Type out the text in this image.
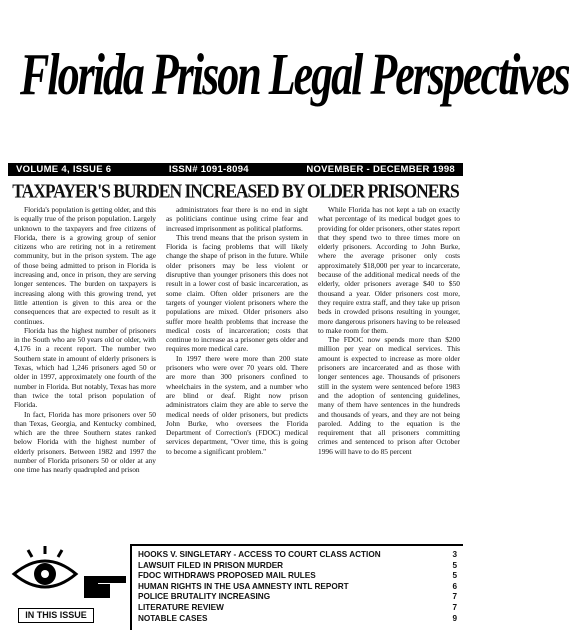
Florida Prison Legal Perspectives
VOLUME 4, ISSUE 6	ISSN# 1091-8094	NOVEMBER - DECEMBER 1998
TAXPAYER'S BURDEN INCREASED BY OLDER PRISONERS

Florida's population is getting older, and this is equally true of the prison population. Largely unknown to the taxpayers and free citizens of Florida, there is a growing group of senior citizens who are retiring not in a retirement community, but in the prison system. The age of those being admitted to prison in Florida is increasing and, once in prison, they are serving longer sentences. The burden on taxpayers is increasing along with this growing trend, yet little attention is given to this area or the consequences that are expected to result as it continues.

Florida has the highest number of prisoners in the South who are 50 years old or older, with 4,176 in a recent report. The number two Southern state in amount of elderly prisoners is Texas, which had 1,246 prisoners aged 50 or older in 1997, approximately one fourth of the number in Florida. But notably, Texas has more than twice the total prison population of Florida.

In fact, Florida has more prisoners over 50 than Texas, Georgia, and Kentucky combined, which are the three Southern states ranked below Florida with the highest number of elderly prisoners. Between 1982 and 1997 the number of Florida prisoners 50 or older at any one time has nearly quadrupled and prison

administrators fear there is no end in sight as politicians continue using crime fear and increased imprisonment as political platforms.

This trend means that the prison system in Florida is facing problems that will likely change the shape of prison in the future. While older prisoners may be less violent or disruptive than younger prisoners this does not result in a lower cost of basic incarceration, as some claim. Often older prisoners are the targets of younger violent prisoners where the populations are mixed. Older prisoners also suffer more health problems that increase the medical costs of incarceration; costs that continue to increase as a prisoner gets older and requires more medical care.

In 1997 there were more than 200 state prisoners who were over 70 years old. There are more than 300 prisoners confined to wheelchairs in the system, and a number who are blind or deaf. Right now prison administrators claim they are able to serve the medical needs of older prisoners, but predicts John Burke, who oversees the Florida Department of Correction's (FDOC) medical services department, "Over time, this is going to become a significant problem."

While Florida has not kept a tab on exactly what percentage of its medical budget goes to providing for older prisoners, other states report that they spend two to three times more on elderly prisoners. According to John Burke, where the average prisoner only costs approximately $18,000 per year to incarcerate, because of the additional medical needs of the elderly, older prisoners average $40 to $50 thousand a year. Older prisoners cost more, they require extra staff, and they take up prison beds in crowded prisons resulting in younger, more dangerous prisoners having to be released to make room for them.

The FDOC now spends more than $200 million per year on medical services. This amount is expected to increase as more older prisoners are incarcerated and as those with longer sentences age. Thousands of prisoners still in the system were sentenced before 1983 and the adoption of sentencing guidelines, many of them have sentences in the hundreds and thousands of years, and they are not being paroled. Adding to the equation is the requirement that all prisoners committing crimes and sentenced to prison after October 1996 will have to do 85 percent

IN THIS ISSUE
HOOKS V. SINGLETARY - ACCESS TO COURT CLASS ACTION	3
LAWSUIT FILED IN PRISON MURDER	5
FDOC WITHDRAWS PROPOSED MAIL RULES	5
HUMAN RIGHTS IN THE USA AMNESTY INTL REPORT	6
POLICE BRUTALITY INCREASING	7
LITERATURE REVIEW	7
NOTABLE CASES	9
